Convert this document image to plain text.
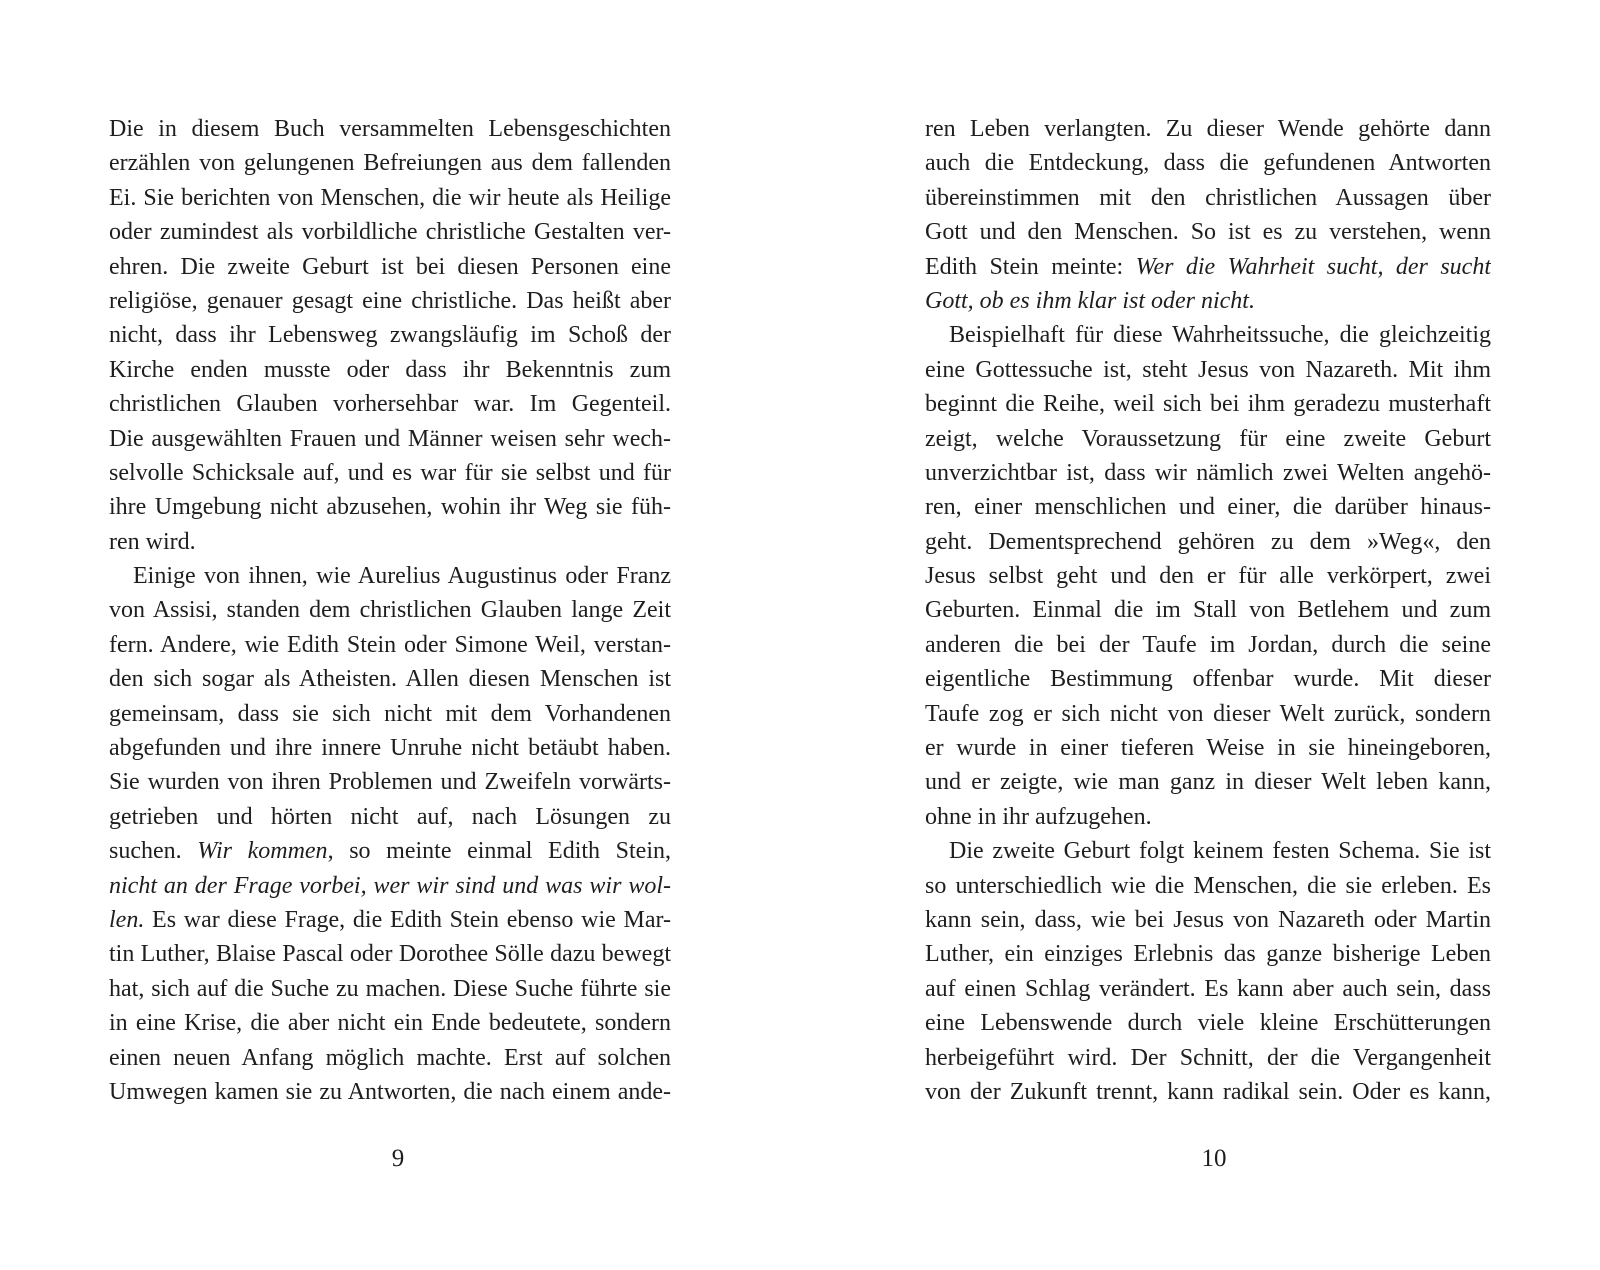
Die in diesem Buch versammelten Lebensgeschichten
erzählen von gelungenen Befreiungen aus dem fallenden
Ei. Sie berichten von Menschen, die wir heute als Heilige
oder zumindest als vorbildliche christliche Gestalten ver-
ehren. Die zweite Geburt ist bei diesen Personen eine
religiöse, genauer gesagt eine christliche. Das heißt aber
nicht, dass ihr Lebensweg zwangsläufig im Schoß der
Kirche enden musste oder dass ihr Bekenntnis zum
christlichen Glauben vorhersehbar war. Im Gegenteil.
Die ausgewählten Frauen und Männer weisen sehr wech-
selvolle Schicksale auf, und es war für sie selbst und für
ihre Umgebung nicht abzusehen, wohin ihr Weg sie füh-
ren wird.
Einige von ihnen, wie Aurelius Augustinus oder Franz
von Assisi, standen dem christlichen Glauben lange Zeit
fern. Andere, wie Edith Stein oder Simone Weil, verstan-
den sich sogar als Atheisten. Allen diesen Menschen ist
gemeinsam, dass sie sich nicht mit dem Vorhandenen
abgefunden und ihre innere Unruhe nicht betäubt haben.
Sie wurden von ihren Problemen und Zweifeln vorwärts-
getrieben und hörten nicht auf, nach Lösungen zu
suchen. Wir kommen, so meinte einmal Edith Stein,
nicht an der Frage vorbei, wer wir sind und was wir wol-
len. Es war diese Frage, die Edith Stein ebenso wie Mar-
tin Luther, Blaise Pascal oder Dorothee Sölle dazu bewegt
hat, sich auf die Suche zu machen. Diese Suche führte sie
in eine Krise, die aber nicht ein Ende bedeutete, sondern
einen neuen Anfang möglich machte. Erst auf solchen
Umwegen kamen sie zu Antworten, die nach einem ande-
9
ren Leben verlangten. Zu dieser Wende gehörte dann
auch die Entdeckung, dass die gefundenen Antworten
übereinstimmen mit den christlichen Aussagen über
Gott und den Menschen. So ist es zu verstehen, wenn
Edith Stein meinte: Wer die Wahrheit sucht, der sucht
Gott, ob es ihm klar ist oder nicht.
Beispielhaft für diese Wahrheitssuche, die gleichzeitig
eine Gottessuche ist, steht Jesus von Nazareth. Mit ihm
beginnt die Reihe, weil sich bei ihm geradezu musterhaft
zeigt, welche Voraussetzung für eine zweite Geburt
unverzichtbar ist, dass wir nämlich zwei Welten angehö-
ren, einer menschlichen und einer, die darüber hinaus-
geht. Dementsprechend gehören zu dem »Weg«, den
Jesus selbst geht und den er für alle verkörpert, zwei
Geburten. Einmal die im Stall von Betlehem und zum
anderen die bei der Taufe im Jordan, durch die seine
eigentliche Bestimmung offenbar wurde. Mit dieser
Taufe zog er sich nicht von dieser Welt zurück, sondern
er wurde in einer tieferen Weise in sie hineingeboren,
und er zeigte, wie man ganz in dieser Welt leben kann,
ohne in ihr aufzugehen.
Die zweite Geburt folgt keinem festen Schema. Sie ist
so unterschiedlich wie die Menschen, die sie erleben. Es
kann sein, dass, wie bei Jesus von Nazareth oder Martin
Luther, ein einziges Erlebnis das ganze bisherige Leben
auf einen Schlag verändert. Es kann aber auch sein, dass
eine Lebenswende durch viele kleine Erschütterungen
herbeigeführt wird. Der Schnitt, der die Vergangenheit
von der Zukunft trennt, kann radikal sein. Oder es kann,
10
